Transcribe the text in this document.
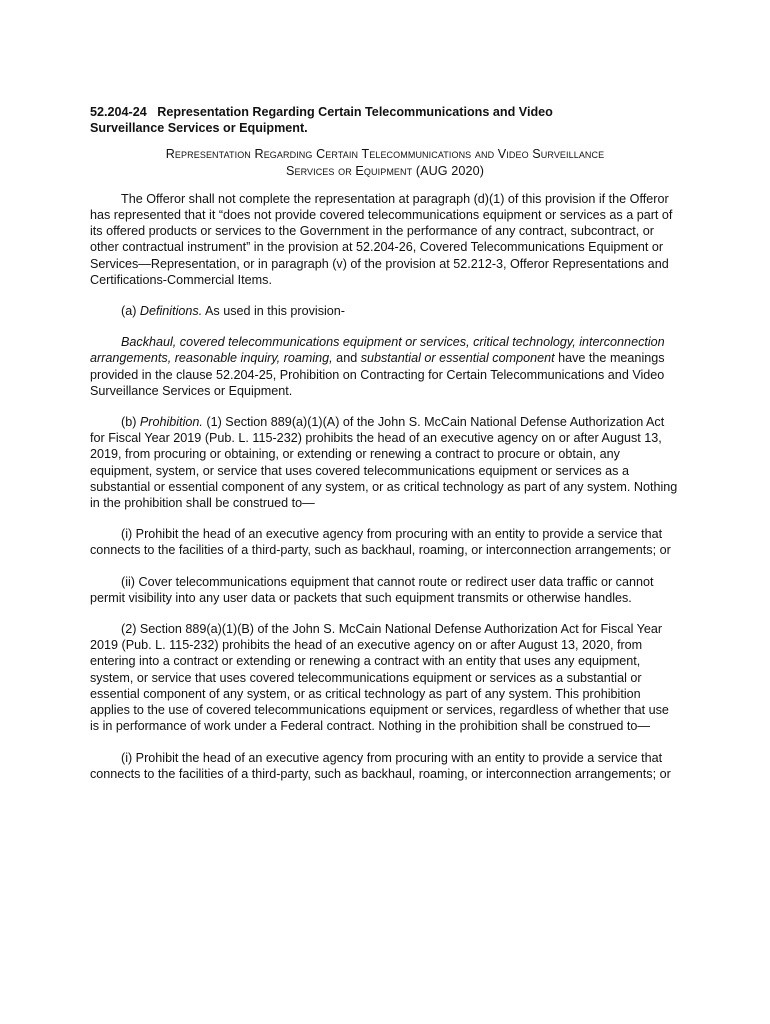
52.204-24   Representation Regarding Certain Telecommunications and Video
Surveillance Services or Equipment.
Representation Regarding Certain Telecommunications and Video Surveillance
Services or Equipment (AUG 2020)

The Offeror shall not complete the representation at paragraph (d)(1) of this provision if the Offeror has represented that it “does not provide covered telecommunications equipment or services as a part of its offered products or services to the Government in the performance of any contract, subcontract, or other contractual instrument” in the provision at 52.204-26, Covered Telecommunications Equipment or Services—Representation, or in paragraph (v) of the provision at 52.212-3, Offeror Representations and Certifications-Commercial Items.

(a) Definitions. As used in this provision-

Backhaul, covered telecommunications equipment or services, critical technology, interconnection arrangements, reasonable inquiry, roaming, and substantial or essential component have the meanings provided in the clause 52.204-25, Prohibition on Contracting for Certain Telecommunications and Video Surveillance Services or Equipment.

(b) Prohibition. (1) Section 889(a)(1)(A) of the John S. McCain National Defense Authorization Act for Fiscal Year 2019 (Pub. L. 115-232) prohibits the head of an executive agency on or after August 13, 2019, from procuring or obtaining, or extending or renewing a contract to procure or obtain, any equipment, system, or service that uses covered telecommunications equipment or services as a substantial or essential component of any system, or as critical technology as part of any system. Nothing in the prohibition shall be construed to—

(i) Prohibit the head of an executive agency from procuring with an entity to provide a service that connects to the facilities of a third-party, such as backhaul, roaming, or interconnection arrangements; or

(ii) Cover telecommunications equipment that cannot route or redirect user data traffic or cannot permit visibility into any user data or packets that such equipment transmits or otherwise handles.

(2) Section 889(a)(1)(B) of the John S. McCain National Defense Authorization Act for Fiscal Year 2019 (Pub. L. 115-232) prohibits the head of an executive agency on or after August 13, 2020, from entering into a contract or extending or renewing a contract with an entity that uses any equipment, system, or service that uses covered telecommunications equipment or services as a substantial or essential component of any system, or as critical technology as part of any system. This prohibition applies to the use of covered telecommunications equipment or services, regardless of whether that use is in performance of work under a Federal contract. Nothing in the prohibition shall be construed to—

(i) Prohibit the head of an executive agency from procuring with an entity to provide a service that connects to the facilities of a third-party, such as backhaul, roaming, or interconnection arrangements; or
